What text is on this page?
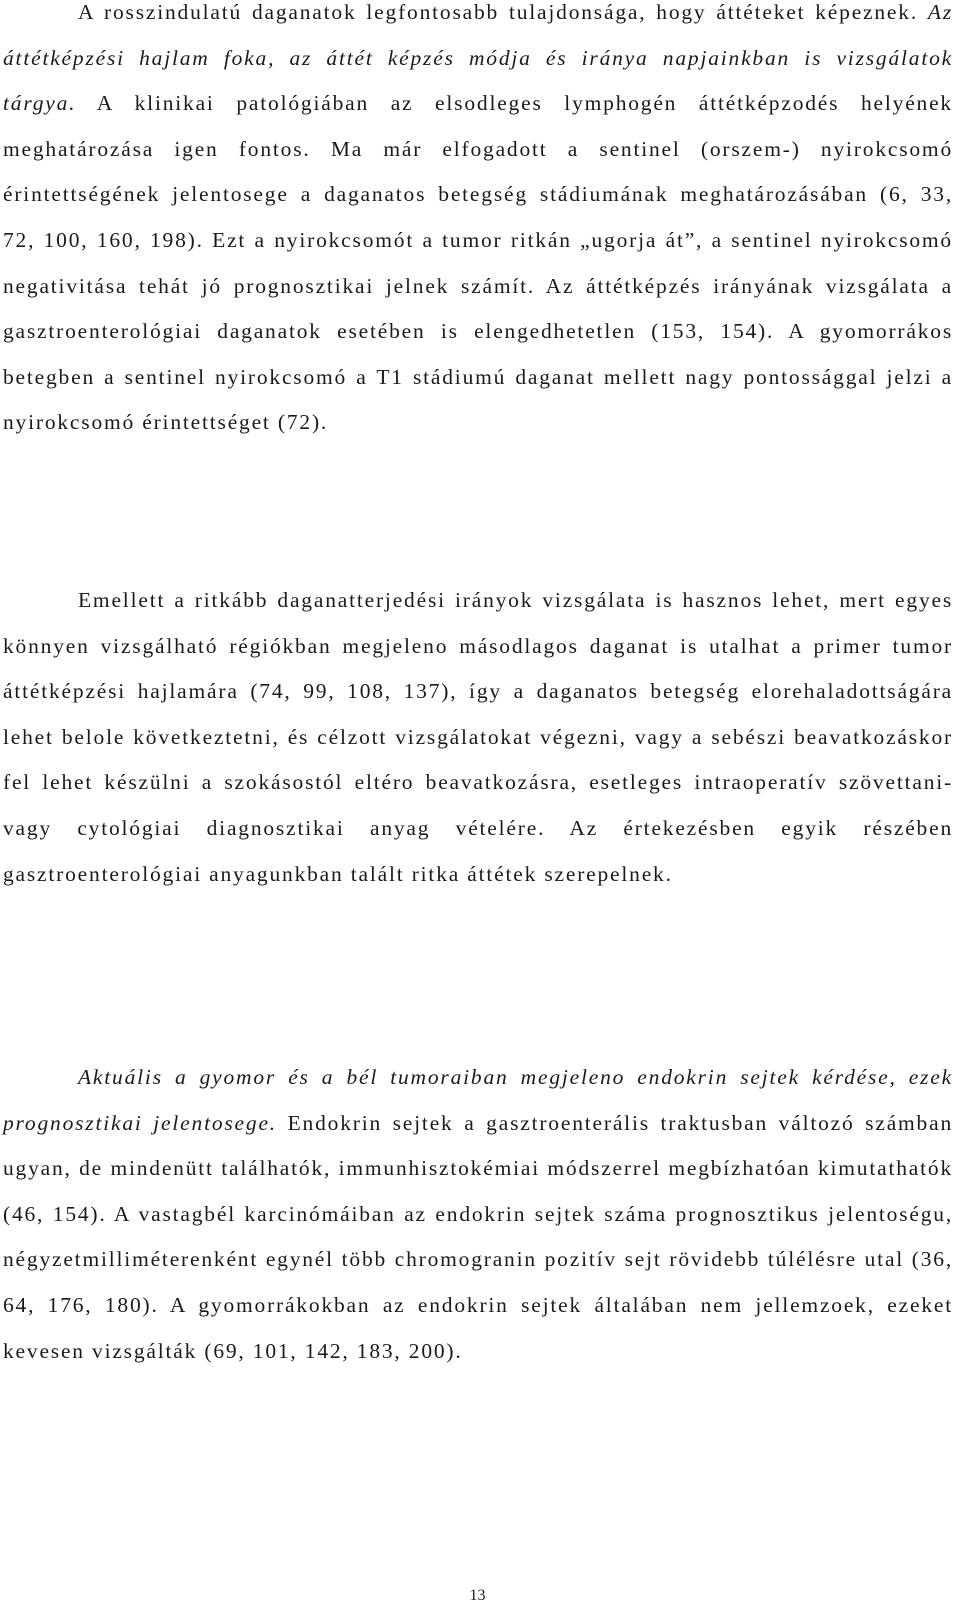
A rosszindulatú daganatok legfontosabb tulajdonsága, hogy áttéteket képeznek. Az áttétképzési hajlam foka, az áttét képzés módja és iránya napjainkban is vizsgálatok tárgya. A klinikai patológiában az elsodleges lymphogén áttétképzodés helyének meghatározása igen fontos. Ma már elfogadott a sentinel (orszem-) nyirokcsomó érintettségének jelentosege a daganatos betegség stádiumának meghatározásában (6, 33, 72, 100, 160, 198). Ezt a nyirokcsomót a tumor ritkán „ugorja át”, a sentinel nyirokcsomó negativitása tehát jó prognosztikai jelnek számít. Az áttétképzés irányának vizsgálata a gasztroenterológiai daganatok esetében is elengedhetetlen (153, 154). A gyomorrákos betegben a sentinel nyirokcsomó a T1 stádiumú daganat mellett nagy pontossággal jelzi a nyirokcsomó érintettséget (72).

Emellett a ritkább daganatterjedési irányok vizsgálata is hasznos lehet, mert egyes könnyen vizsgálható régiókban megjeleno másodlagos daganat is utalhat a primer tumor áttétképzési hajlamára (74, 99, 108, 137), így a daganatos betegség elorehaladottságára lehet belole következtetni, és célzott vizsgálatokat végezni, vagy a sebészi beavatkozáskor fel lehet készülni a szokásostól eltéro beavatkozásra, esetleges intraoperatív szövettani- vagy cytológiai diagnosztikai anyag vételére. Az értekezésben egyik részében gasztroenterológiai anyagunkban talált ritka áttétek szerepelnek.

Aktuális a gyomor és a bél tumoraiban megjeleno endokrin sejtek kérdése, ezek prognosztikai jelentosege. Endokrin sejtek a gasztroenterális traktusban változó számban ugyan, de mindenütt találhatók, immunhisztokémiai módszerrel megbízhatóan kimutathatók (46, 154). A vastagbél karcinómáiban az endokrin sejtek száma prognosztikus jelentoségu, négyzetmilliméterenként egynél több chromogranin pozitív sejt rövidebb túlélésre utal (36, 64, 176, 180). A gyomorrákokban az endokrin sejtek általában nem jellemzoek, ezeket kevesen vizsgálták (69, 101, 142, 183, 200).

13
